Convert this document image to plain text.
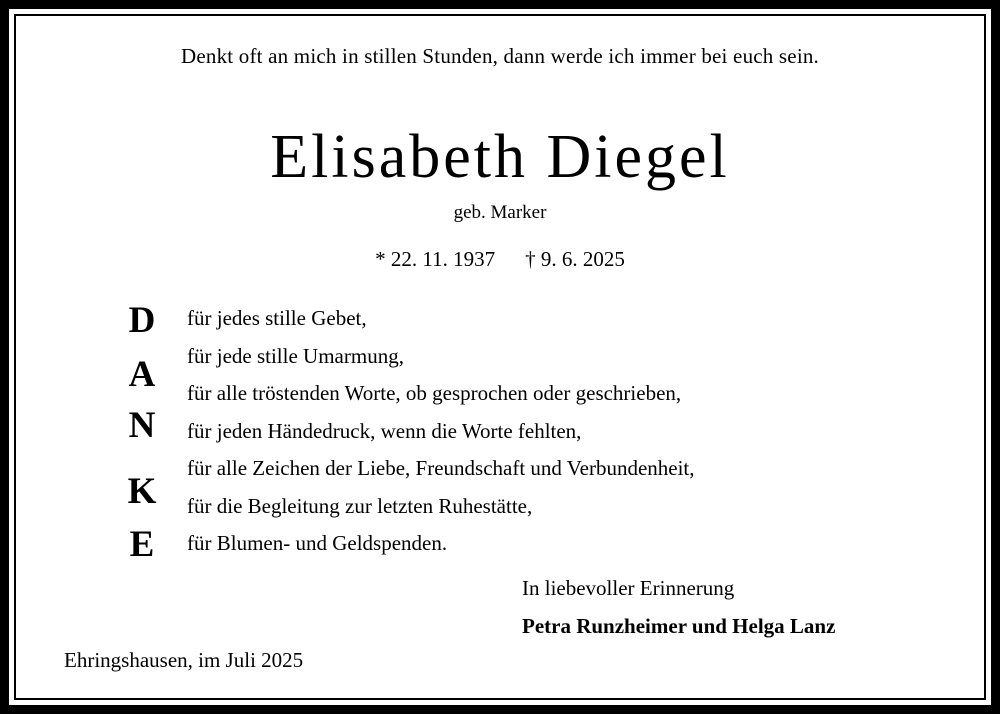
Denkt oft an mich in stillen Stunden, dann werde ich immer bei euch sein.
Elisabeth Diegel
geb. Marker
* 22. 11. 1937 † 9. 6. 2025
D
A
N
K
E
für jedes stille Gebet,
für jede stille Umarmung,
für alle tröstenden Worte, ob gesprochen oder geschrieben,
für jeden Händedruck, wenn die Worte fehlten,
für alle Zeichen der Liebe, Freundschaft und Verbundenheit,
für die Begleitung zur letzten Ruhestätte,
für Blumen- und Geldspenden.
In liebevoller Erinnerung
Petra Runzheimer und Helga Lanz
Ehringshausen, im Juli 2025
